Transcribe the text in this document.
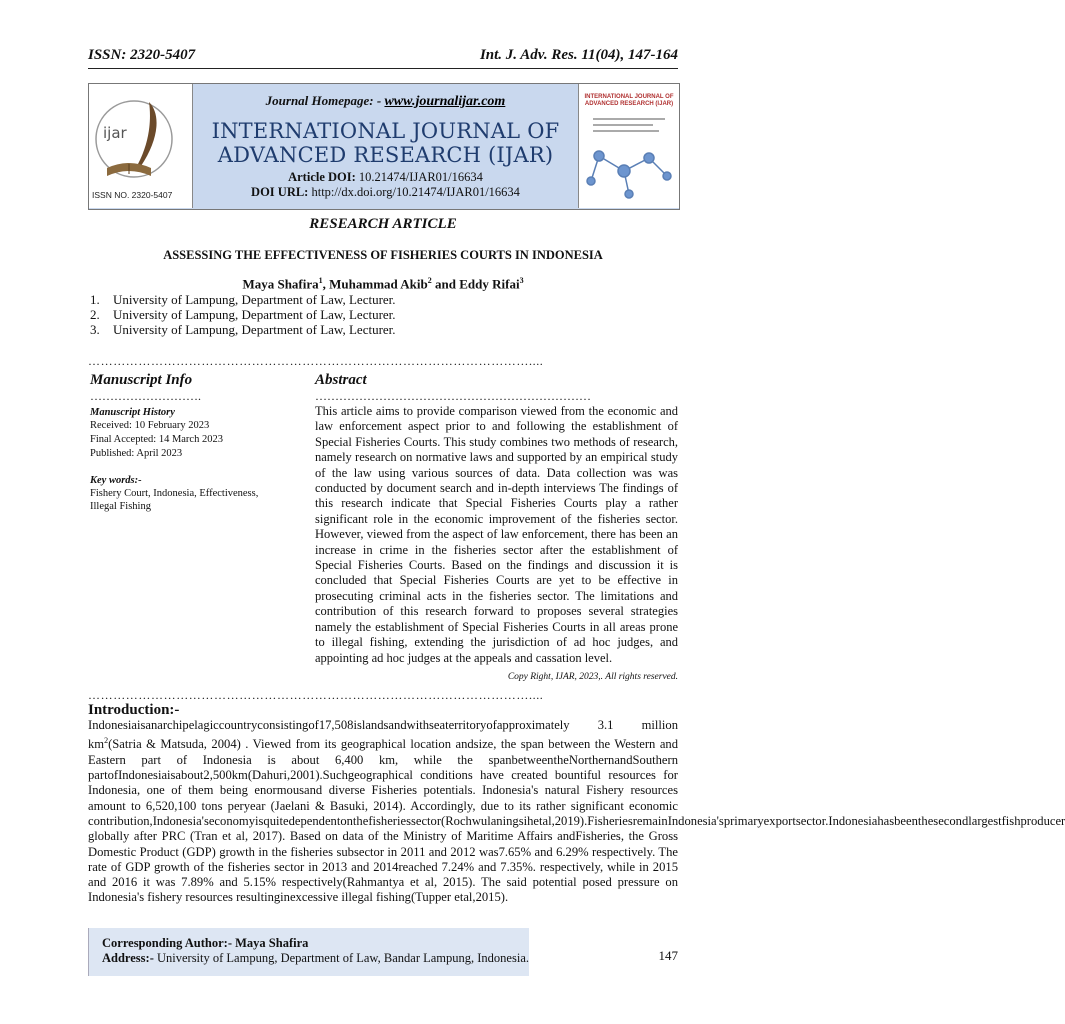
ISSN: 2320-5407	Int. J. Adv. Res. 11(04), 147-164
ijar
ISSN NO. 2320-5407
Journal Homepage: - www.journalijar.com
INTERNATIONAL JOURNAL OF
ADVANCED RESEARCH (IJAR)
Article DOI: 10.21474/IJAR01/16634
DOI URL: http://dx.doi.org/10.21474/IJAR01/16634
INTERNATIONAL JOURNAL OF ADVANCED RESEARCH (IJAR)
RESEARCH ARTICLE
ASSESSING THE EFFECTIVENESS OF FISHERIES COURTS IN INDONESIA
Maya Shafira$^1$, Muhammad Akib$^2$ and Eddy Rifai$^3$
1. University of Lampung, Department of Law, Lecturer.
2. University of Lampung, Department of Law, Lecturer.
3. University of Lampung, Department of Law, Lecturer.
……………………………………………………………………………………………....
Manuscript Info
……………………….
Manuscript History
Received: 10 February 2023
Final Accepted: 14 March 2023
Published: April 2023
Key words:-
Fishery Court, Indonesia, Effectiveness, Illegal Fishing
Abstract
……………………………………………………………
This article aims to provide comparison viewed from the economic and law enforcement aspect prior to and following the establishment of Special Fisheries Courts. This study combines two methods of research, namely research on normative laws and supported by an empirical study of the law using various sources of data. Data collection was was conducted by document search and in-depth interviews The findings of this research indicate that Special Fisheries Courts play a rather significant role in the economic improvement of the fisheries sector. However, viewed from the aspect of law enforcement, there has been an increase in crime in the fisheries sector after the establishment of Special Fisheries Courts. Based on the findings and discussion it is concluded that Special Fisheries Courts are yet to be effective in prosecuting criminal acts in the fisheries sector. The limitations and contribution of this research forward to proposes several strategies namely the establishment of Special Fisheries Courts in all areas prone to illegal fishing, extending the jurisdiction of ad hoc judges, and appointing ad hoc judges at the appeals and cassation level.
Copy Right, IJAR, 2023,. All rights reserved.
……………………………………………………………………………………………....
Introduction:-
Indonesiaisanarchipelagiccountryconsistingof17,508islandsandwithseaterritoryofapproximately 3.1 million $km^2(Satria$ & Matsuda, 2004) . Viewed from its geographical location andsize, the span between the Western and Eastern part of Indonesia is about 6,400 km, while the spanbetweentheNorthernandSouthern partofIndonesiaisabout2,500km(Dahuri,2001).Suchgeographical conditions have created bountiful resources for Indonesia, one of them being enormousand diverse Fisheries potentials. Indonesia's natural Fishery resources amount to 6,520,100 tons peryear (Jaelani & Basuki, 2014). Accordingly, due to its rather significant economic contribution,Indonesia'seconomyisquitedependentonthefisheriessector(Rochwulaningsihetal,2019).FisheriesremainIndonesia'sprimaryexportsector.Indonesiahasbeenthesecondlargestfishproducer globally after PRC (Tran et al, 2017). Based on data of the Ministry of Maritime Affairs andFisheries, the Gross Domestic Product (GDP) growth in the fisheries subsector in 2011 and 2012 was7.65% and 6.29% respectively. The rate of GDP growth of the fisheries sector in 2013 and 2014reached 7.24% and 7.35%. respectively, while in 2015 and 2016 it was 7.89% and 5.15% respectively(Rahmantya et al, 2015). The said potential posed pressure on Indonesia's fishery resources resultinginexcessive illegal fishing(Tupper etal,2015).
Corresponding Author:- Maya Shafira
Address:- University of Lampung, Department of Law, Bandar Lampung, Indonesia.	147
